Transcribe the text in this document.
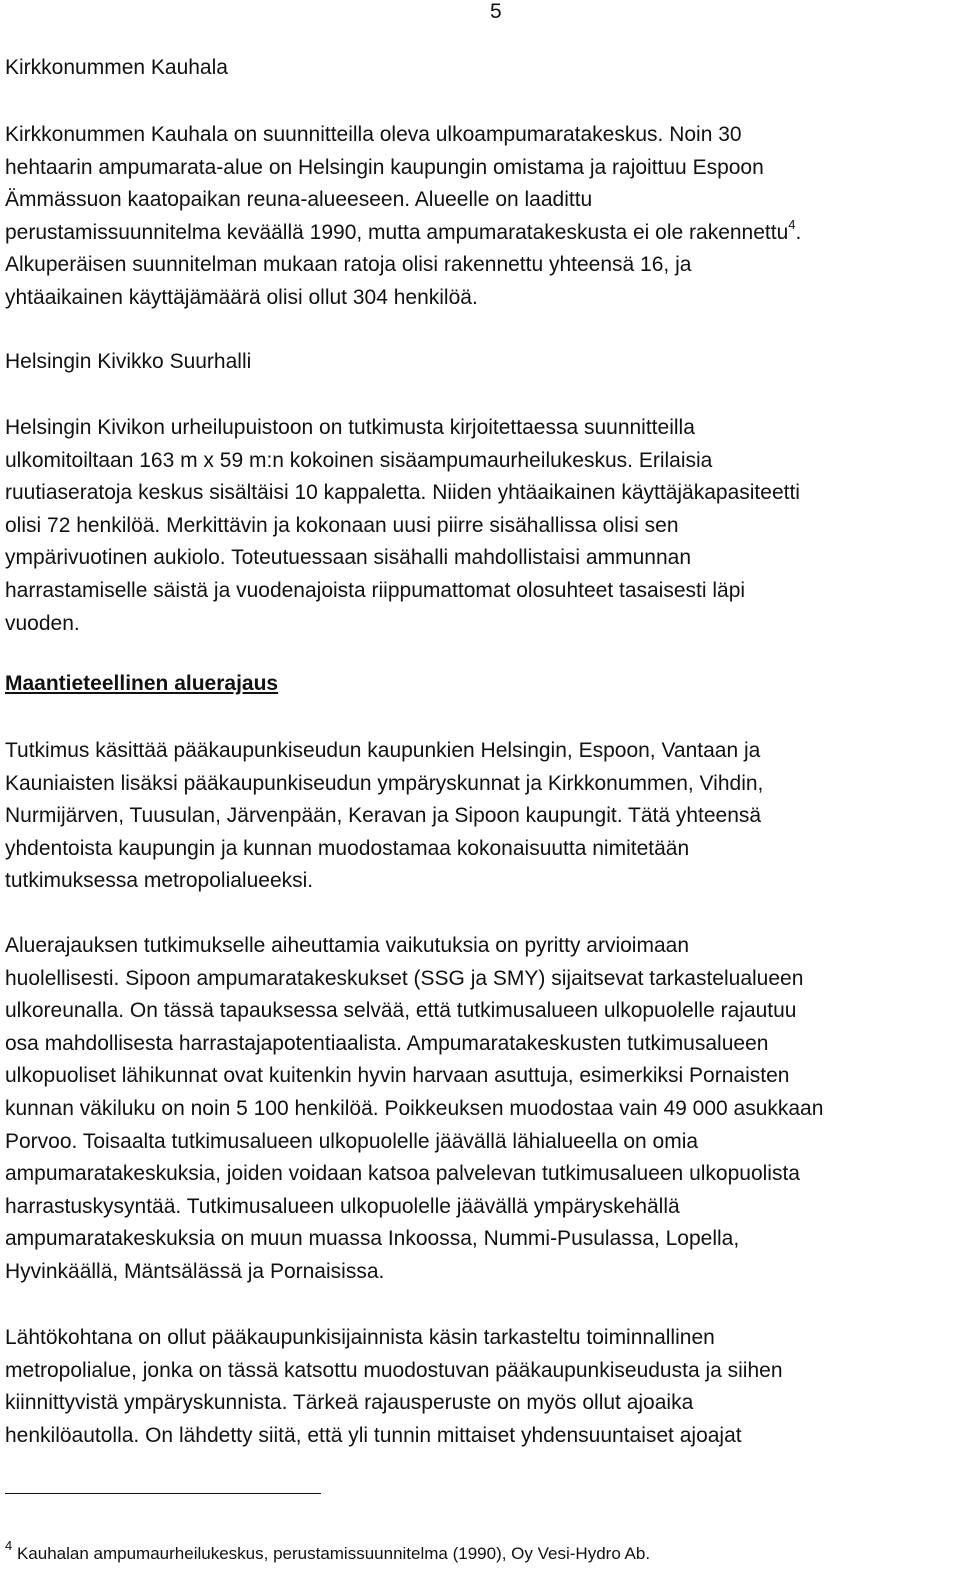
5
Kirkkonummen Kauhala
Kirkkonummen Kauhala on suunnitteilla oleva ulkoampumaratakeskus. Noin 30
hehtaarin ampumarata-alue on Helsingin kaupungin omistama ja rajoittuu Espoon
Ämmässuon kaatopaikan reuna-alueeseen. Alueelle on laadittu
perustamissuunnitelma keväällä 1990, mutta ampumaratakeskusta ei ole rakennettu$^4$.
Alkuperäisen suunnitelman mukaan ratoja olisi rakennettu yhteensä 16, ja
yhtäaikainen käyttäjämäärä olisi ollut 304 henkilöä.
Helsingin Kivikko Suurhalli
Helsingin Kivikon urheilupuistoon on tutkimusta kirjoitettaessa suunnitteilla
ulkomitoiltaan 163 m x 59 m:n kokoinen sisäampumaurheilukeskus. Erilaisia
ruutiaseratoja keskus sisältäisi 10 kappaletta. Niiden yhtäaikainen käyttäjäkapasiteetti
olisi 72 henkilöä. Merkittävin ja kokonaan uusi piirre sisähallissa olisi sen
ympärivuotinen aukiolo. Toteutuessaan sisähalli mahdollistaisi ammunnan
harrastamiselle säistä ja vuodenajoista riippumattomat olosuhteet tasaisesti läpi
vuoden.
Maantieteellinen aluerajaus
Tutkimus käsittää pääkaupunkiseudun kaupunkien Helsingin, Espoon, Vantaan ja
Kauniaisten lisäksi pääkaupunkiseudun ympäryskunnat ja Kirkkonummen, Vihdin,
Nurmijärven, Tuusulan, Järvenpään, Keravan ja Sipoon kaupungit. Tätä yhteensä
yhdentoista kaupungin ja kunnan muodostamaa kokonaisuutta nimitetään
tutkimuksessa metropolialueeksi.
Aluerajauksen tutkimukselle aiheuttamia vaikutuksia on pyritty arvioimaan
huolellisesti. Sipoon ampumaratakeskukset (SSG ja SMY) sijaitsevat tarkastelualueen
ulkoreunalla. On tässä tapauksessa selvää, että tutkimusalueen ulkopuolelle rajautuu
osa mahdollisesta harrastajapotentiaalista. Ampumaratakeskusten tutkimusalueen
ulkopuoliset lähikunnat ovat kuitenkin hyvin harvaan asuttuja, esimerkiksi Pornaisten
kunnan väkiluku on noin 5 100 henkilöä. Poikkeuksen muodostaa vain 49 000 asukkaan
Porvoo. Toisaalta tutkimusalueen ulkopuolelle jäävällä lähialueella on omia
ampumaratakeskuksia, joiden voidaan katsoa palvelevan tutkimusalueen ulkopuolista
harrastuskysyntää. Tutkimusalueen ulkopuolelle jäävällä ympäryskehällä
ampumaratakeskuksia on muun muassa Inkoossa, Nummi-Pusulassa, Lopella,
Hyvinkäällä, Mäntsälässä ja Pornaisissa.
Lähtökohtana on ollut pääkaupunkisijainnista käsin tarkasteltu toiminnallinen
metropolialue, jonka on tässä katsottu muodostuvan pääkaupunkiseudusta ja siihen
kiinnittyvistä ympäryskunnista. Tärkeä rajausperuste on myös ollut ajoaika
henkilöautolla. On lähdetty siitä, että yli tunnin mittaiset yhdensuuntaiset ajoajat
$^4$ Kauhalan ampumaurheilukeskus, perustamissuunnitelma (1990), Oy Vesi-Hydro Ab.
